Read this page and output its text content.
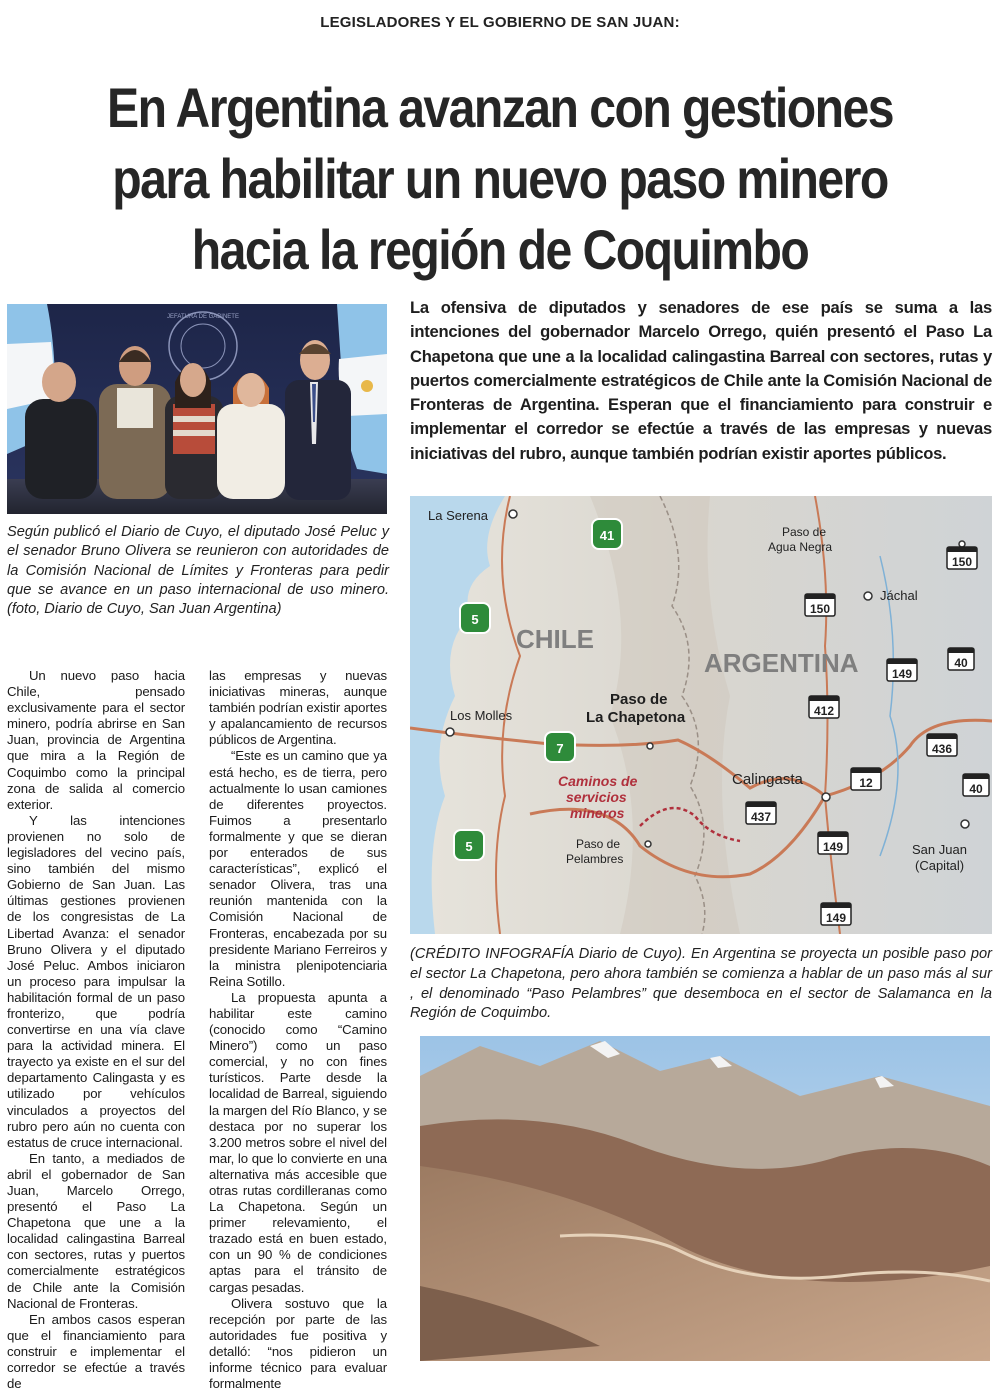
LEGISLADORES Y EL GOBIERNO DE SAN JUAN:
En Argentina avanzan con gestiones
para habilitar un nuevo paso minero
hacia la región de Coquimbo
JEFATURA DE GABINETE
Según publicó el Diario de Cuyo, el diputado José Peluc y el senador Bruno Olivera se reunieron con autoridades de la Comisión Nacional de Límites y Fronteras para pedir que se avance en un paso internacional de uso minero. (foto, Diario de Cuyo, San Juan Argentina)
La ofensiva de diputados y senadores de ese país se suma a las intenciones del gobernador Marcelo Orrego, quién presentó el Paso La Chapetona que une a la localidad calingastina Barreal con sectores, rutas y puertos comercialmente estratégicos de Chile ante la Comisión Nacional de Fronteras de Argentina. Esperan que el financiamiento para construir e implementar el corredor se efectúe a través de las empresas y nuevas iniciativas del rubro, aunque también podrían existir aportes públicos.
CHILE
ARGENTINA
La Serena
Los Molles
Jáchal
Calingasta
San Juan
(Capital)
Paso de
Agua Negra
Paso de
La Chapetona
Caminos de
servicios
mineros
Paso de
Pelambres
41
5
7
5
150
150
149
40
412
436
12	40
437
149
149
(CRÉDITO INFOGRAFÍA Diario de Cuyo). En Argentina se proyecta un posible paso por el sector La Chapetona, pero ahora también se comienza a hablar de un paso más al sur , el denominado “Paso Pelambres” que desemboca en el sector de Salamanca en la Región de Coquimbo.

Un nuevo paso hacia Chile, pensado exclusivamente para el sector minero, podría abrirse en San Juan, provincia de Argentina que mira a la Región de Coquimbo como la principal zona de salida al comercio exterior.

Y las intenciones provienen no solo de legisladores del vecino país, sino también del mismo Gobierno de San Juan. Las últimas gestiones provienen de los congresistas de La Libertad Avanza: el senador Bruno Olivera y el diputado José Peluc. Ambos iniciaron un proceso para impulsar la habilitación formal de un paso fronterizo, que podría convertirse en una vía clave para la actividad minera. El trayecto ya existe en el sur del departamento Calingasta y es utilizado por vehículos vinculados a proyectos del rubro pero aún no cuenta con estatus de cruce internacional.

En tanto, a mediados de abril el gobernador de San Juan, Marcelo Orrego, presentó el Paso La Chapetona que une a la localidad calingastina Barreal con sectores, rutas y puertos comercialmente estratégicos de Chile ante la Comisión Nacional de Fronteras.

En ambos casos esperan que el financiamiento para construir e implementar el corredor se efectúe a través de

las empresas y nuevas iniciativas mineras, aunque también podrían existir aportes y apalancamiento de recursos públicos de Argentina.

“Este es un camino que ya está hecho, es de tierra, pero actualmente lo usan camiones de diferentes proyectos. Fuimos a presentarlo formalmente y que se dieran por enterados de sus características”, explicó el senador Olivera, tras una reunión mantenida con la Comisión Nacional de Fronteras, encabezada por su presidente Mariano Ferreiros y la ministra plenipotenciaria Reina Sotillo.

La propuesta apunta a habilitar este camino (conocido como “Camino Minero”) como un paso comercial, y no con fines turísticos. Parte desde la localidad de Barreal, siguiendo la margen del Río Blanco, y se destaca por no superar los 3.200 metros sobre el nivel del mar, lo que lo convierte en una alternativa más accesible que otras rutas cordilleranas como La Chapetona. Según un primer relevamiento, el trazado está en buen estado, con un 90 % de condiciones aptas para el tránsito de cargas pesadas.

Olivera sostuvo que la recepción por parte de las autoridades fue positiva y detalló: “nos pidieron un informe técnico para evaluar formalmente
